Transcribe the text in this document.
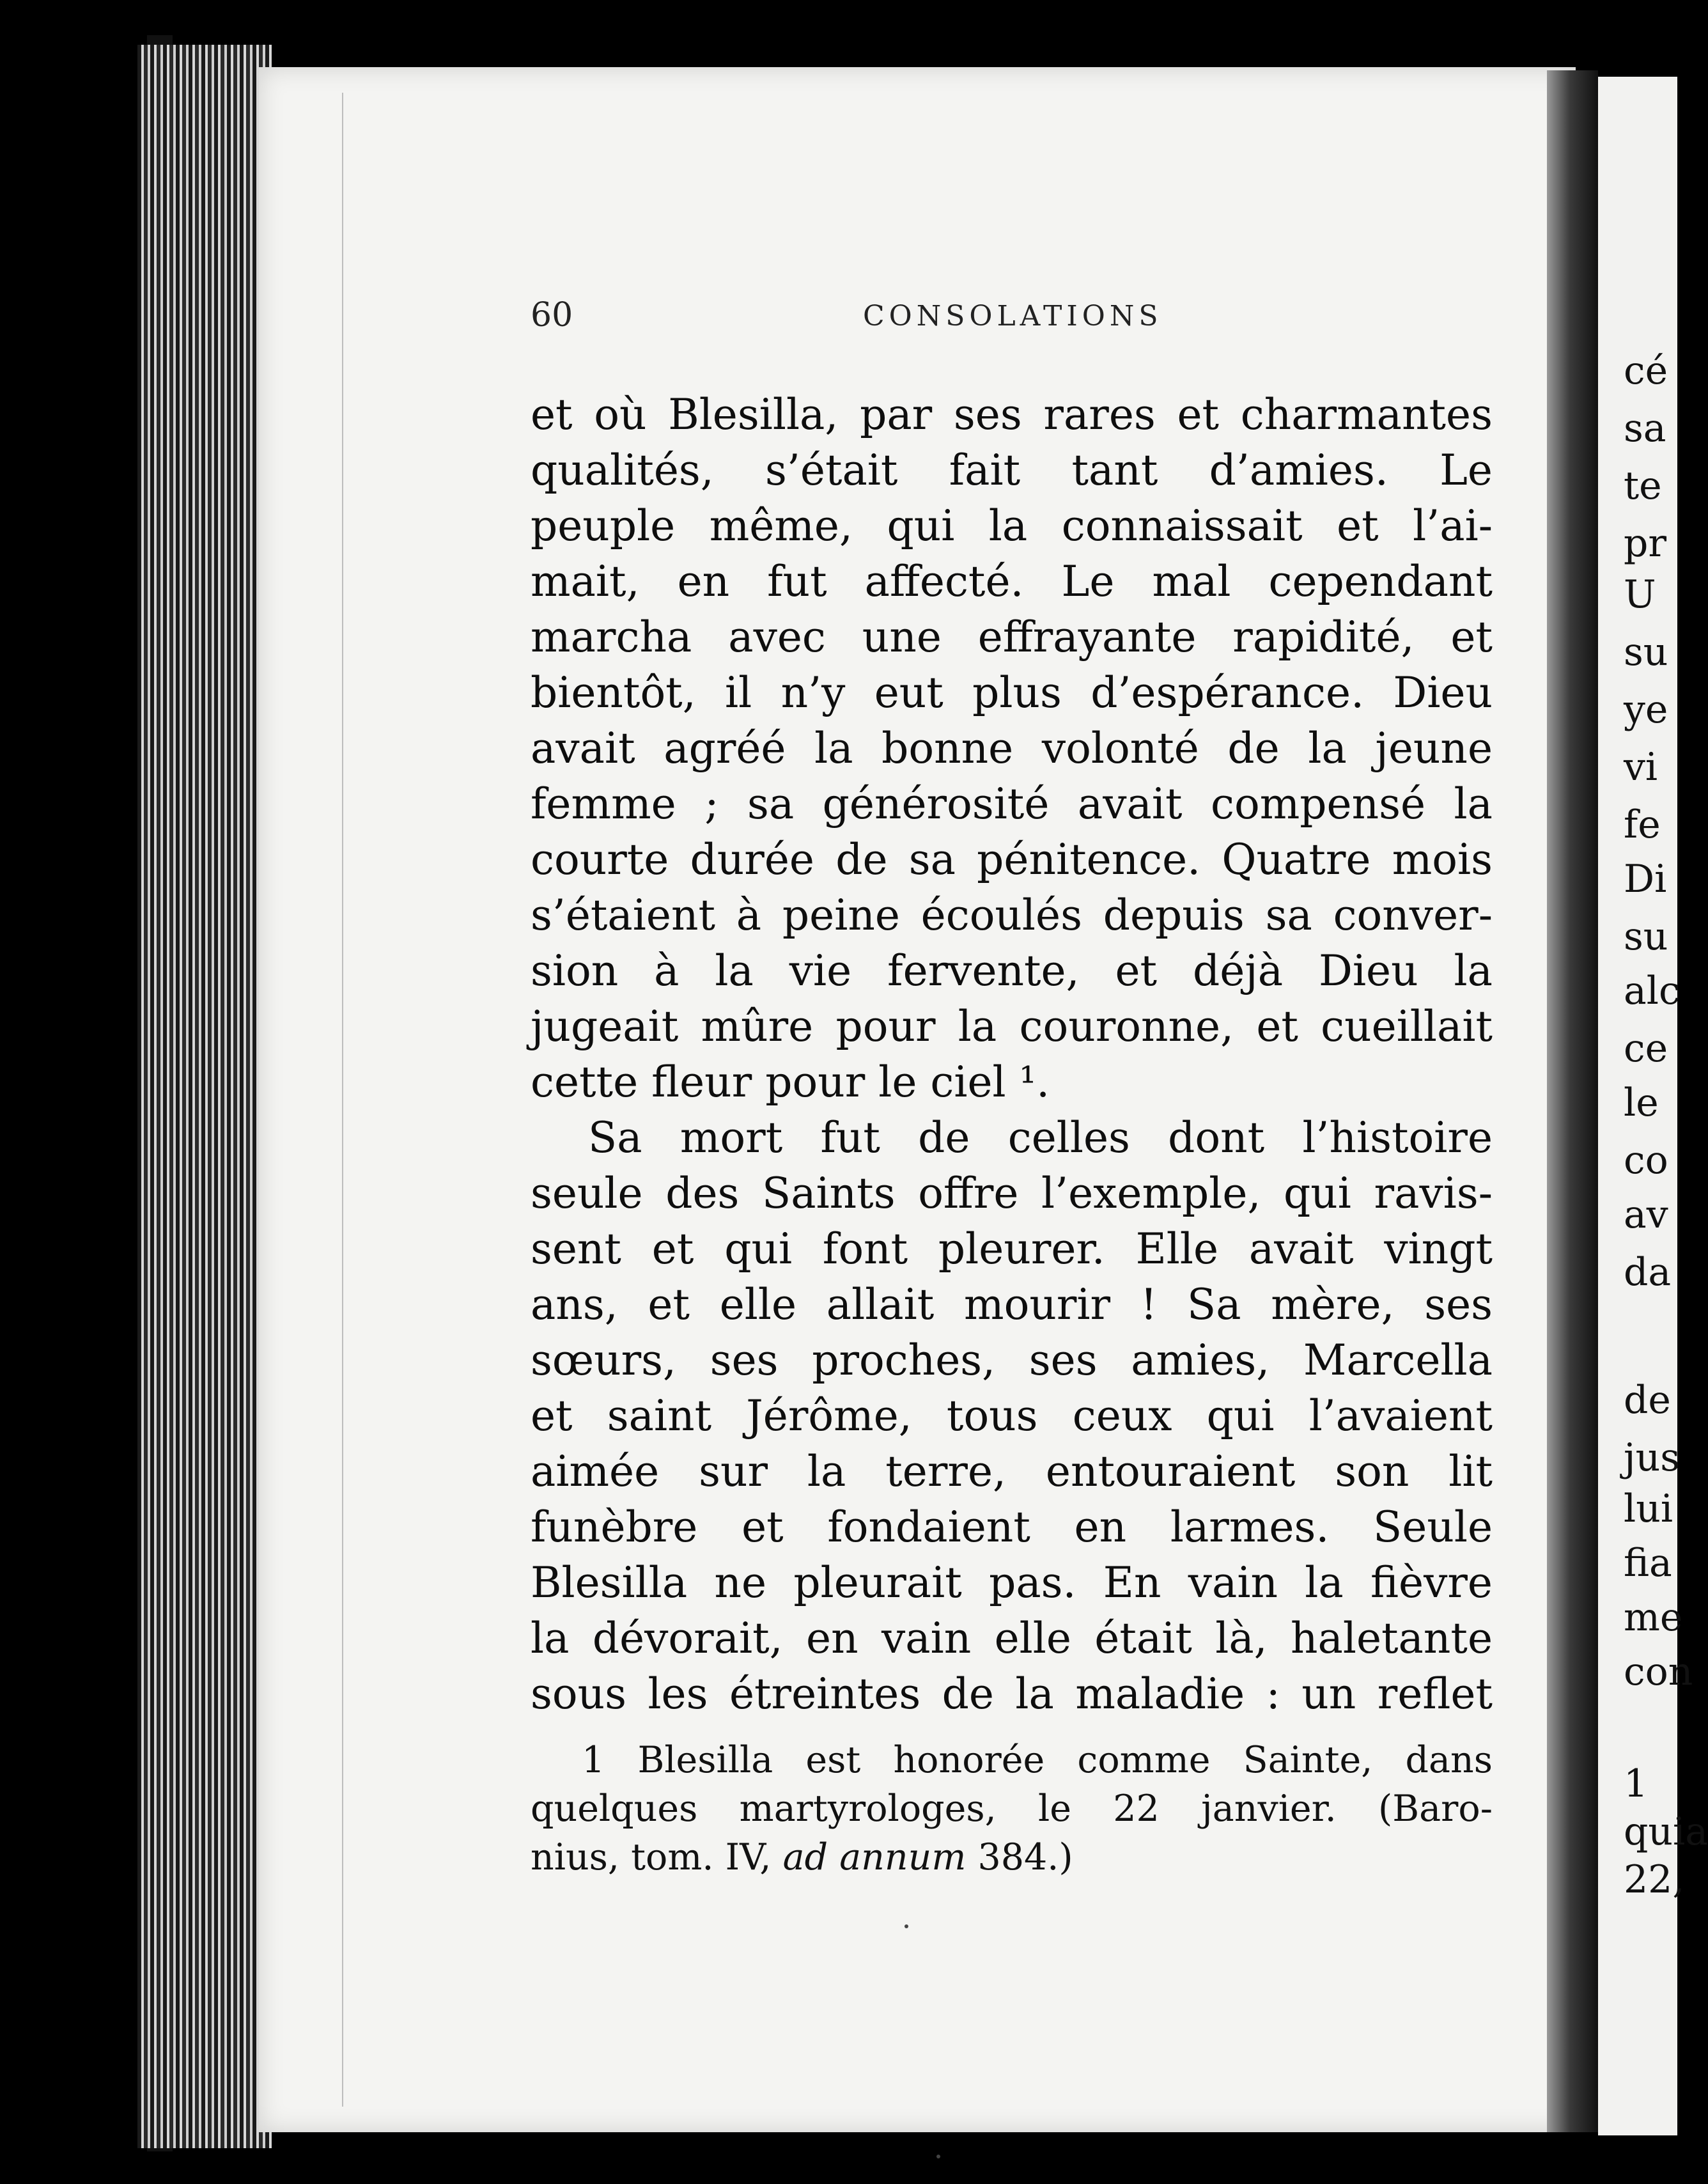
cé
sa
te
pr
U
su
ye
vi
fe
Di
su
alc
ce
le
co
av
da
de
jus
lui
fia
me
con
1
quia
22,
60	CONSOLATIONS
et où Blesilla, par ses rares et charmantes
qualités, s’était fait tant d’amies. Le
peuple même, qui la connaissait et l’ai-
mait, en fut affecté. Le mal cependant
marcha avec une effrayante rapidité, et
bientôt, il n’y eut plus d’espérance. Dieu
avait agréé la bonne volonté de la jeune
femme ; sa générosité avait compensé la
courte durée de sa pénitence. Quatre mois
s’étaient à peine écoulés depuis sa conver-
sion à la vie fervente, et déjà Dieu la
jugeait mûre pour la couronne, et cueillait
cette fleur pour le ciel ¹.
Sa mort fut de celles dont l’histoire
seule des Saints offre l’exemple, qui ravis-
sent et qui font pleurer. Elle avait vingt
ans, et elle allait mourir ! Sa mère, ses
sœurs, ses proches, ses amies, Marcella
et saint Jérôme, tous ceux qui l’avaient
aimée sur la terre, entouraient son lit
funèbre et fondaient en larmes. Seule
Blesilla ne pleurait pas. En vain la fièvre
la dévorait, en vain elle était là, haletante
sous les étreintes de la maladie : un reflet
1 Blesilla est honorée comme Sainte, dans
quelques martyrologes, le 22 janvier. (Baro-
nius, tom. IV, ad annum 384.)
